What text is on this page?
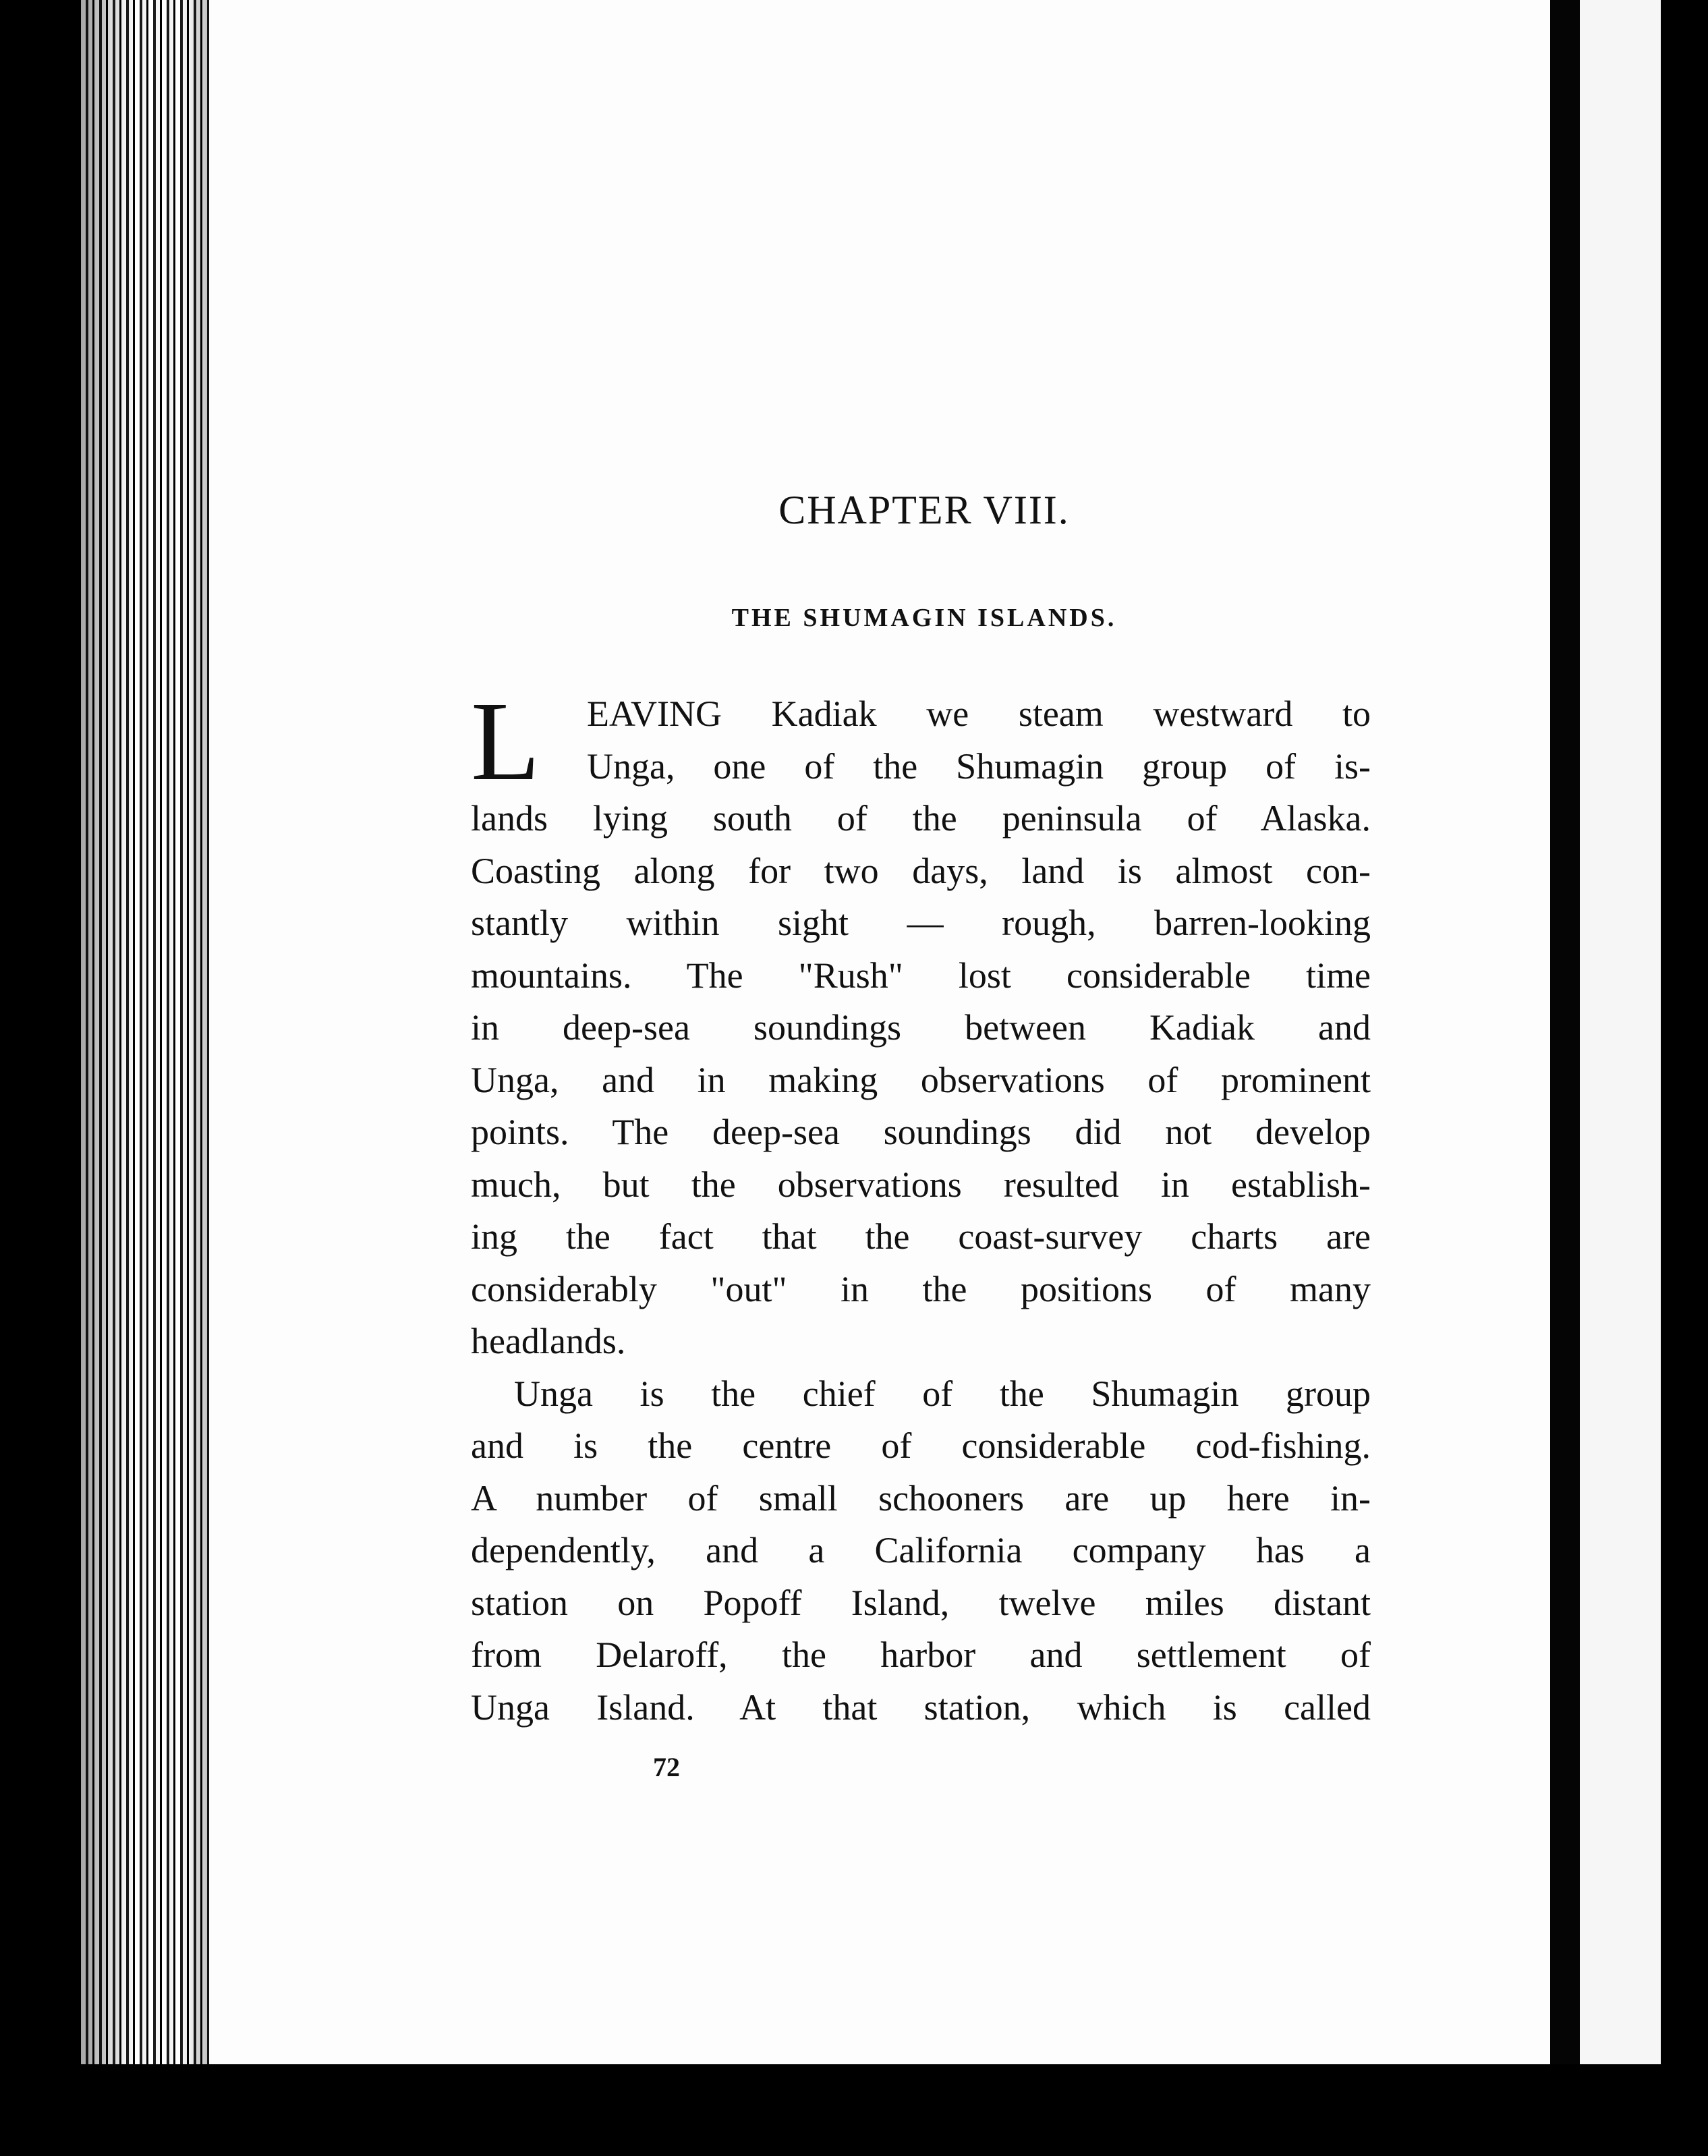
CHAPTER VIII.
THE SHUMAGIN ISLANDS.
L EAVING Kadiak we steam westward to
Unga, one of the Shumagin group of is-
lands lying south of the peninsula of Alaska.
Coasting along for two days, land is almost con-
stantly within sight — rough, barren-looking
mountains. The "Rush" lost considerable time
in deep-sea soundings between Kadiak and
Unga, and in making observations of prominent
points. The deep-sea soundings did not develop
much, but the observations resulted in establish-
ing the fact that the coast-survey charts are
considerably "out" in the positions of many
headlands.
Unga is the chief of the Shumagin group
and is the centre of considerable cod-fishing.
A number of small schooners are up here in-
dependently, and a California company has a
station on Popoff Island, twelve miles distant
from Delaroff, the harbor and settlement of
Unga Island. At that station, which is called
72
